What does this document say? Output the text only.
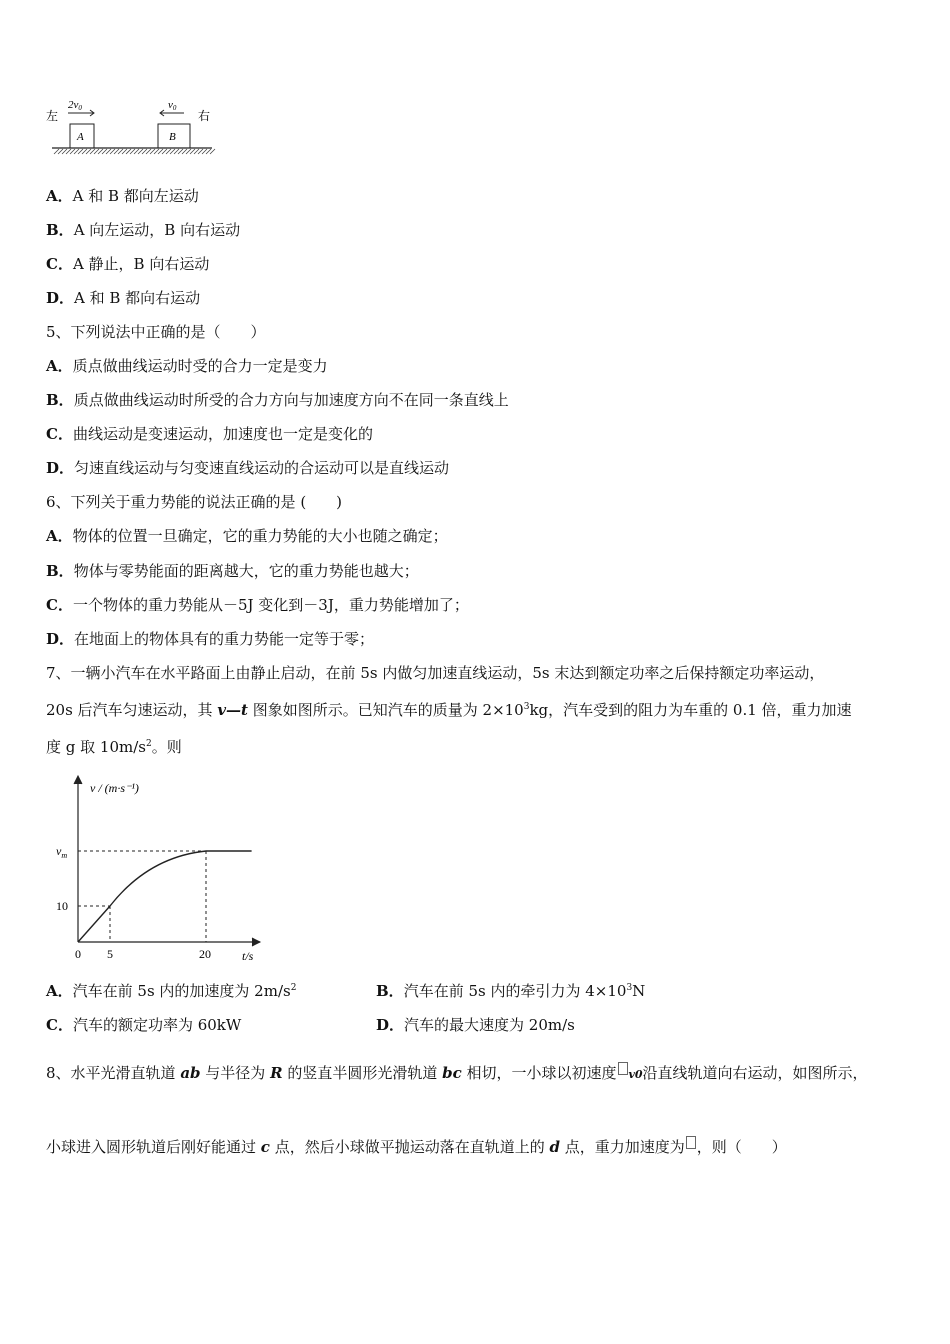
左	右
2v0	v0
A	B
A．A 和 B 都向左运动
B．A 向左运动，B 向右运动
C．A 静止，B 向右运动
D．A 和 B 都向右运动
5、下列说法中正确的是（　　）
A．质点做曲线运动时受的合力一定是变力
B．质点做曲线运动时所受的合力方向与加速度方向不在同一条直线上
C．曲线运动是变速运动，加速度也一定是变化的
D．匀速直线运动与匀变速直线运动的合运动可以是直线运动
6、下列关于重力势能的说法正确的是 (　　)
A．物体的位置一旦确定，它的重力势能的大小也随之确定；
B．物体与零势能面的距离越大，它的重力势能也越大；
C．一个物体的重力势能从－5J 变化到－3J，重力势能增加了；
D．在地面上的物体具有的重力势能一定等于零；
7、一辆小汽车在水平路面上由静止启动，在前 5s 内做匀加速直线运动，5s 末达到额定功率之后保持额定功率运动，
20s 后汽车匀速运动，其 v—t 图象如图所示。已知汽车的质量为 $2\times 10^3kg$，汽车受到的阻力为车重的 0.1 倍，重力加速
度 g 取 $10m/s^2$。则
v / (m·s⁻¹)
t/s
0 5	20
10
$v_m$
A．汽车在前 5s 内的加速度为 $2m/s^2$	B．汽车在前 5s 内的牵引力为 $4\times 10^3N$
C．汽车的额定功率为 60kW	D．汽车的最大速度为 20m/s
8、水平光滑直轨道 ab 与半径为 R 的竖直半圆形光滑轨道 bc 相切，一小球以初速度 v0沿直线轨道向右运动，如图所示，
小球进入圆形轨道后刚好能通过 c 点，然后小球做平抛运动落在直轨道上的 d 点，重力加速度为 ，则（　　）
